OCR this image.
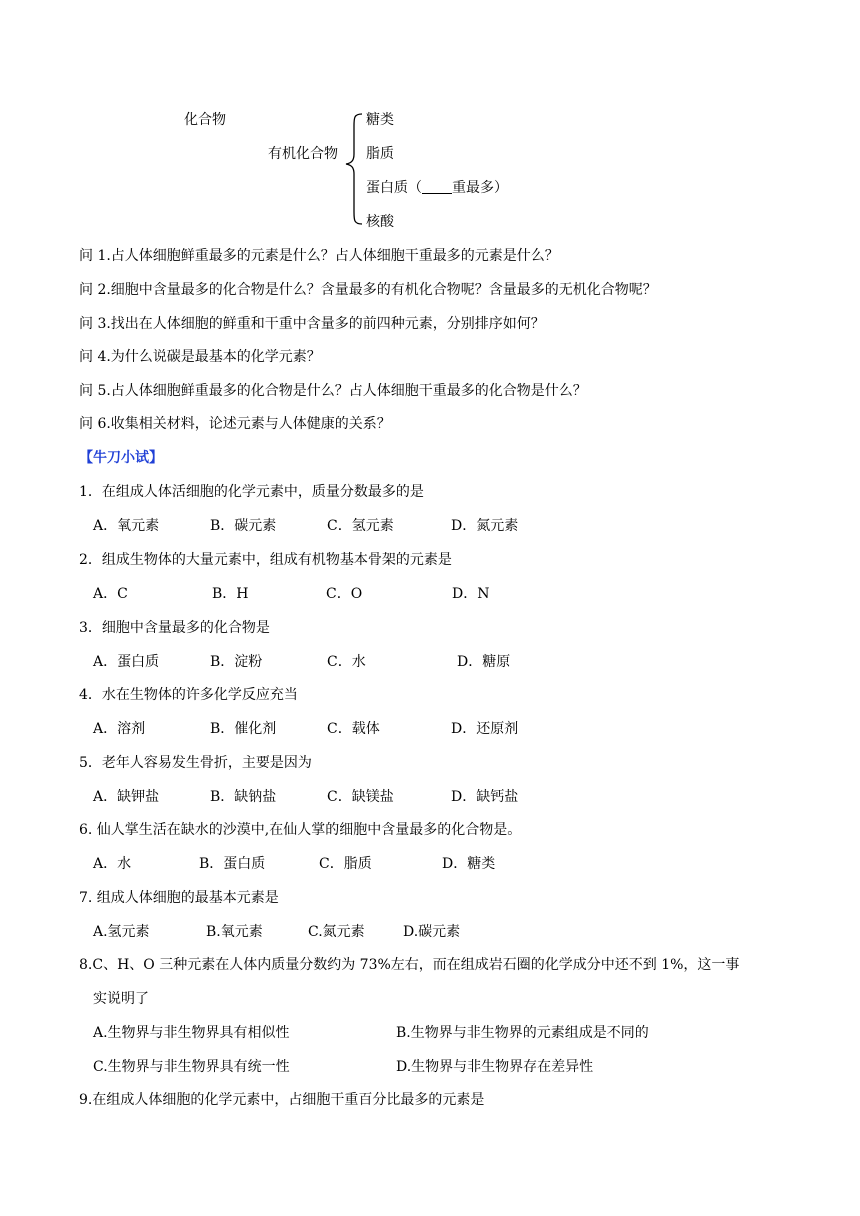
化合物
有机化合物
糖类
脂质
蛋白质（ 重最多）
核酸
问 1.占人体细胞鲜重最多的元素是什么？占人体细胞干重最多的元素是什么？
问 2.细胞中含量最多的化合物是什么？含量最多的有机化合物呢？含量最多的无机化合物呢？
问 3.找出在人体细胞的鲜重和干重中含量多的前四种元素，分别排序如何？
问 4.为什么说碳是最基本的化学元素？
问 5.占人体细胞鲜重最多的化合物是什么？占人体细胞干重最多的化合物是什么？
问 6.收集相关材料，论述元素与人体健康的关系？
【牛刀小试】
1．在组成人体活细胞的化学元素中，质量分数最多的是
A．氧元素	B．碳元素	C．氢元素	D．氮元素
2．组成生物体的大量元素中，组成有机物基本骨架的元素是
A．C	B．H	C．O	D．N
3．细胞中含量最多的化合物是
A．蛋白质	B．淀粉	C．水	D．糖原
4．水在生物体的许多化学反应充当
A．溶剂	B．催化剂	C．载体	D．还原剂
5．老年人容易发生骨折，主要是因为
A．缺钾盐	B．缺钠盐	C．缺镁盐	D．缺钙盐
6. 仙人掌生活在缺水的沙漠中,在仙人掌的细胞中含量最多的化合物是。
A．水	B．蛋白质	C．脂质	D．糖类
7. 组成人体细胞的最基本元素是
A.氢元素	B.氧元素	C.氮元素	D.碳元素
8.C、H、O 三种元素在人体内质量分数约为 73%左右，而在组成岩石圈的化学成分中还不到 1%，这一事
实说明了
A.生物界与非生物界具有相似性	B.生物界与非生物界的元素组成是不同的
C.生物界与非生物界具有统一性	D.生物界与非生物界存在差异性
9.在组成人体细胞的化学元素中，占细胞干重百分比最多的元素是
